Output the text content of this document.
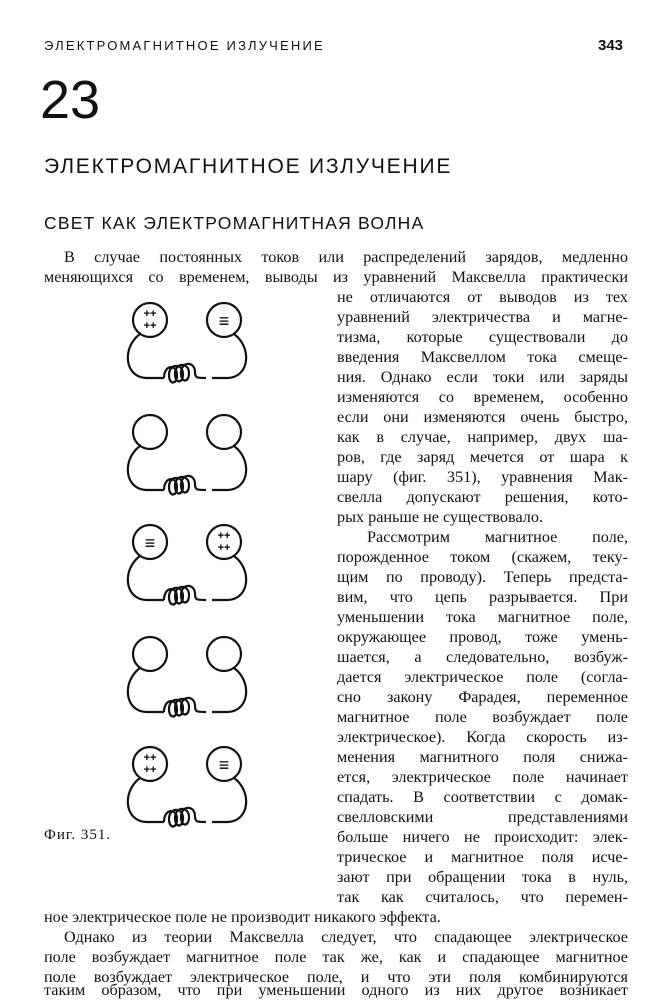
ЭЛЕКТРОМАГНИТНОЕ ИЗЛУЧЕНИЕ	343
23
ЭЛЕКТРОМАГНИТНОЕ ИЗЛУЧЕНИЕ
СВЕТ КАК ЭЛЕКТРОМАГНИТНАЯ ВОЛНА
++
++	≡
≡	++
++
++
++	≡
Фиг. 351.
В случае постоянных токов или распределений зарядов, медленно
меняющихся со временем, выводы из уравнений Максвелла практически
не отличаются от выводов из тех
уравнений электричества и магне-
тизма, которые существовали до
введения Максвеллом тока смеще-
ния. Однако если токи или заряды
изменяются со временем, особенно
если они изменяются очень быстро,
как в случае, например, двух ша-
ров, где заряд мечется от шара к
шару (фиг. 351), уравнения Мак-
свелла допускают решения, кото-
рых раньше не существовало.
Рассмотрим магнитное поле,
порожденное током (скажем, теку-
щим по проводу). Теперь предста-
вим, что цепь разрывается. При
уменьшении тока магнитное поле,
окружающее провод, тоже умень-
шается, а следовательно, возбуж-
дается электрическое поле (согла-
сно закону Фарадея, переменное
магнитное поле возбуждает поле
электрическое). Когда скорость из-
менения магнитного поля снижа-
ется, электрическое поле начинает
спадать. В соответствии с домак-
свелловскими представлениями
больше ничего не происходит: элек-
трическое и магнитное поля исче-
зают при обращении тока в нуль,
так как считалось, что перемен-
ное электрическое поле не производит никакого эффекта.
Однако из теории Максвелла следует, что спадающее электрическое
поле возбуждает магнитное поле так же, как и спадающее магнитное
поле возбуждает электрическое поле, и что эти поля комбинируются
таким образом, что при уменьшении одного из них другое возникает
